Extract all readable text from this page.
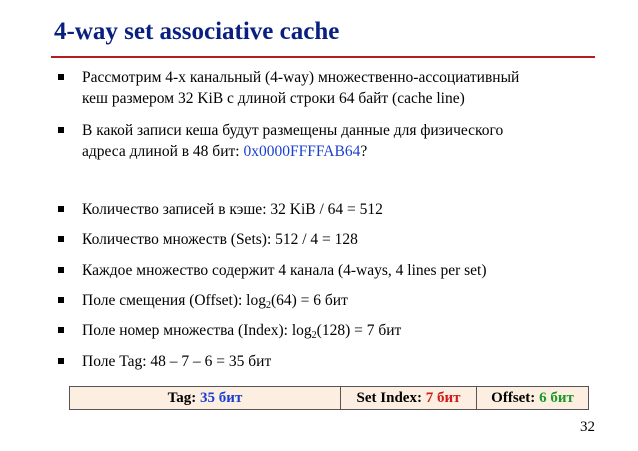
4-way set associative cache
Рассмотрим 4-х канальный (4-way) множественно-ассоциативный
кеш размером 32 KiB с длиной строки 64 байт (cache line)
В какой записи кеша будут размещены данные для физического
адреса длиной в 48 бит: 0x0000FFFFAB64?
Количество записей в кэше: 32 KiB / 64 = 512
Количество множеств (Sets): 512 / 4 = 128
Каждое множество содержит 4 канала (4-ways, 4 lines per set)
Поле смещения (Offset): $\log_2(64) = 6$ бит
Поле номер множества (Index): $\log_2(128) = 7$ бит
Поле Tag: 48 – 7 – 6 = 35 бит
Tag:
35 бит	Set Index:
7 бит Offset:
6 бит
32
